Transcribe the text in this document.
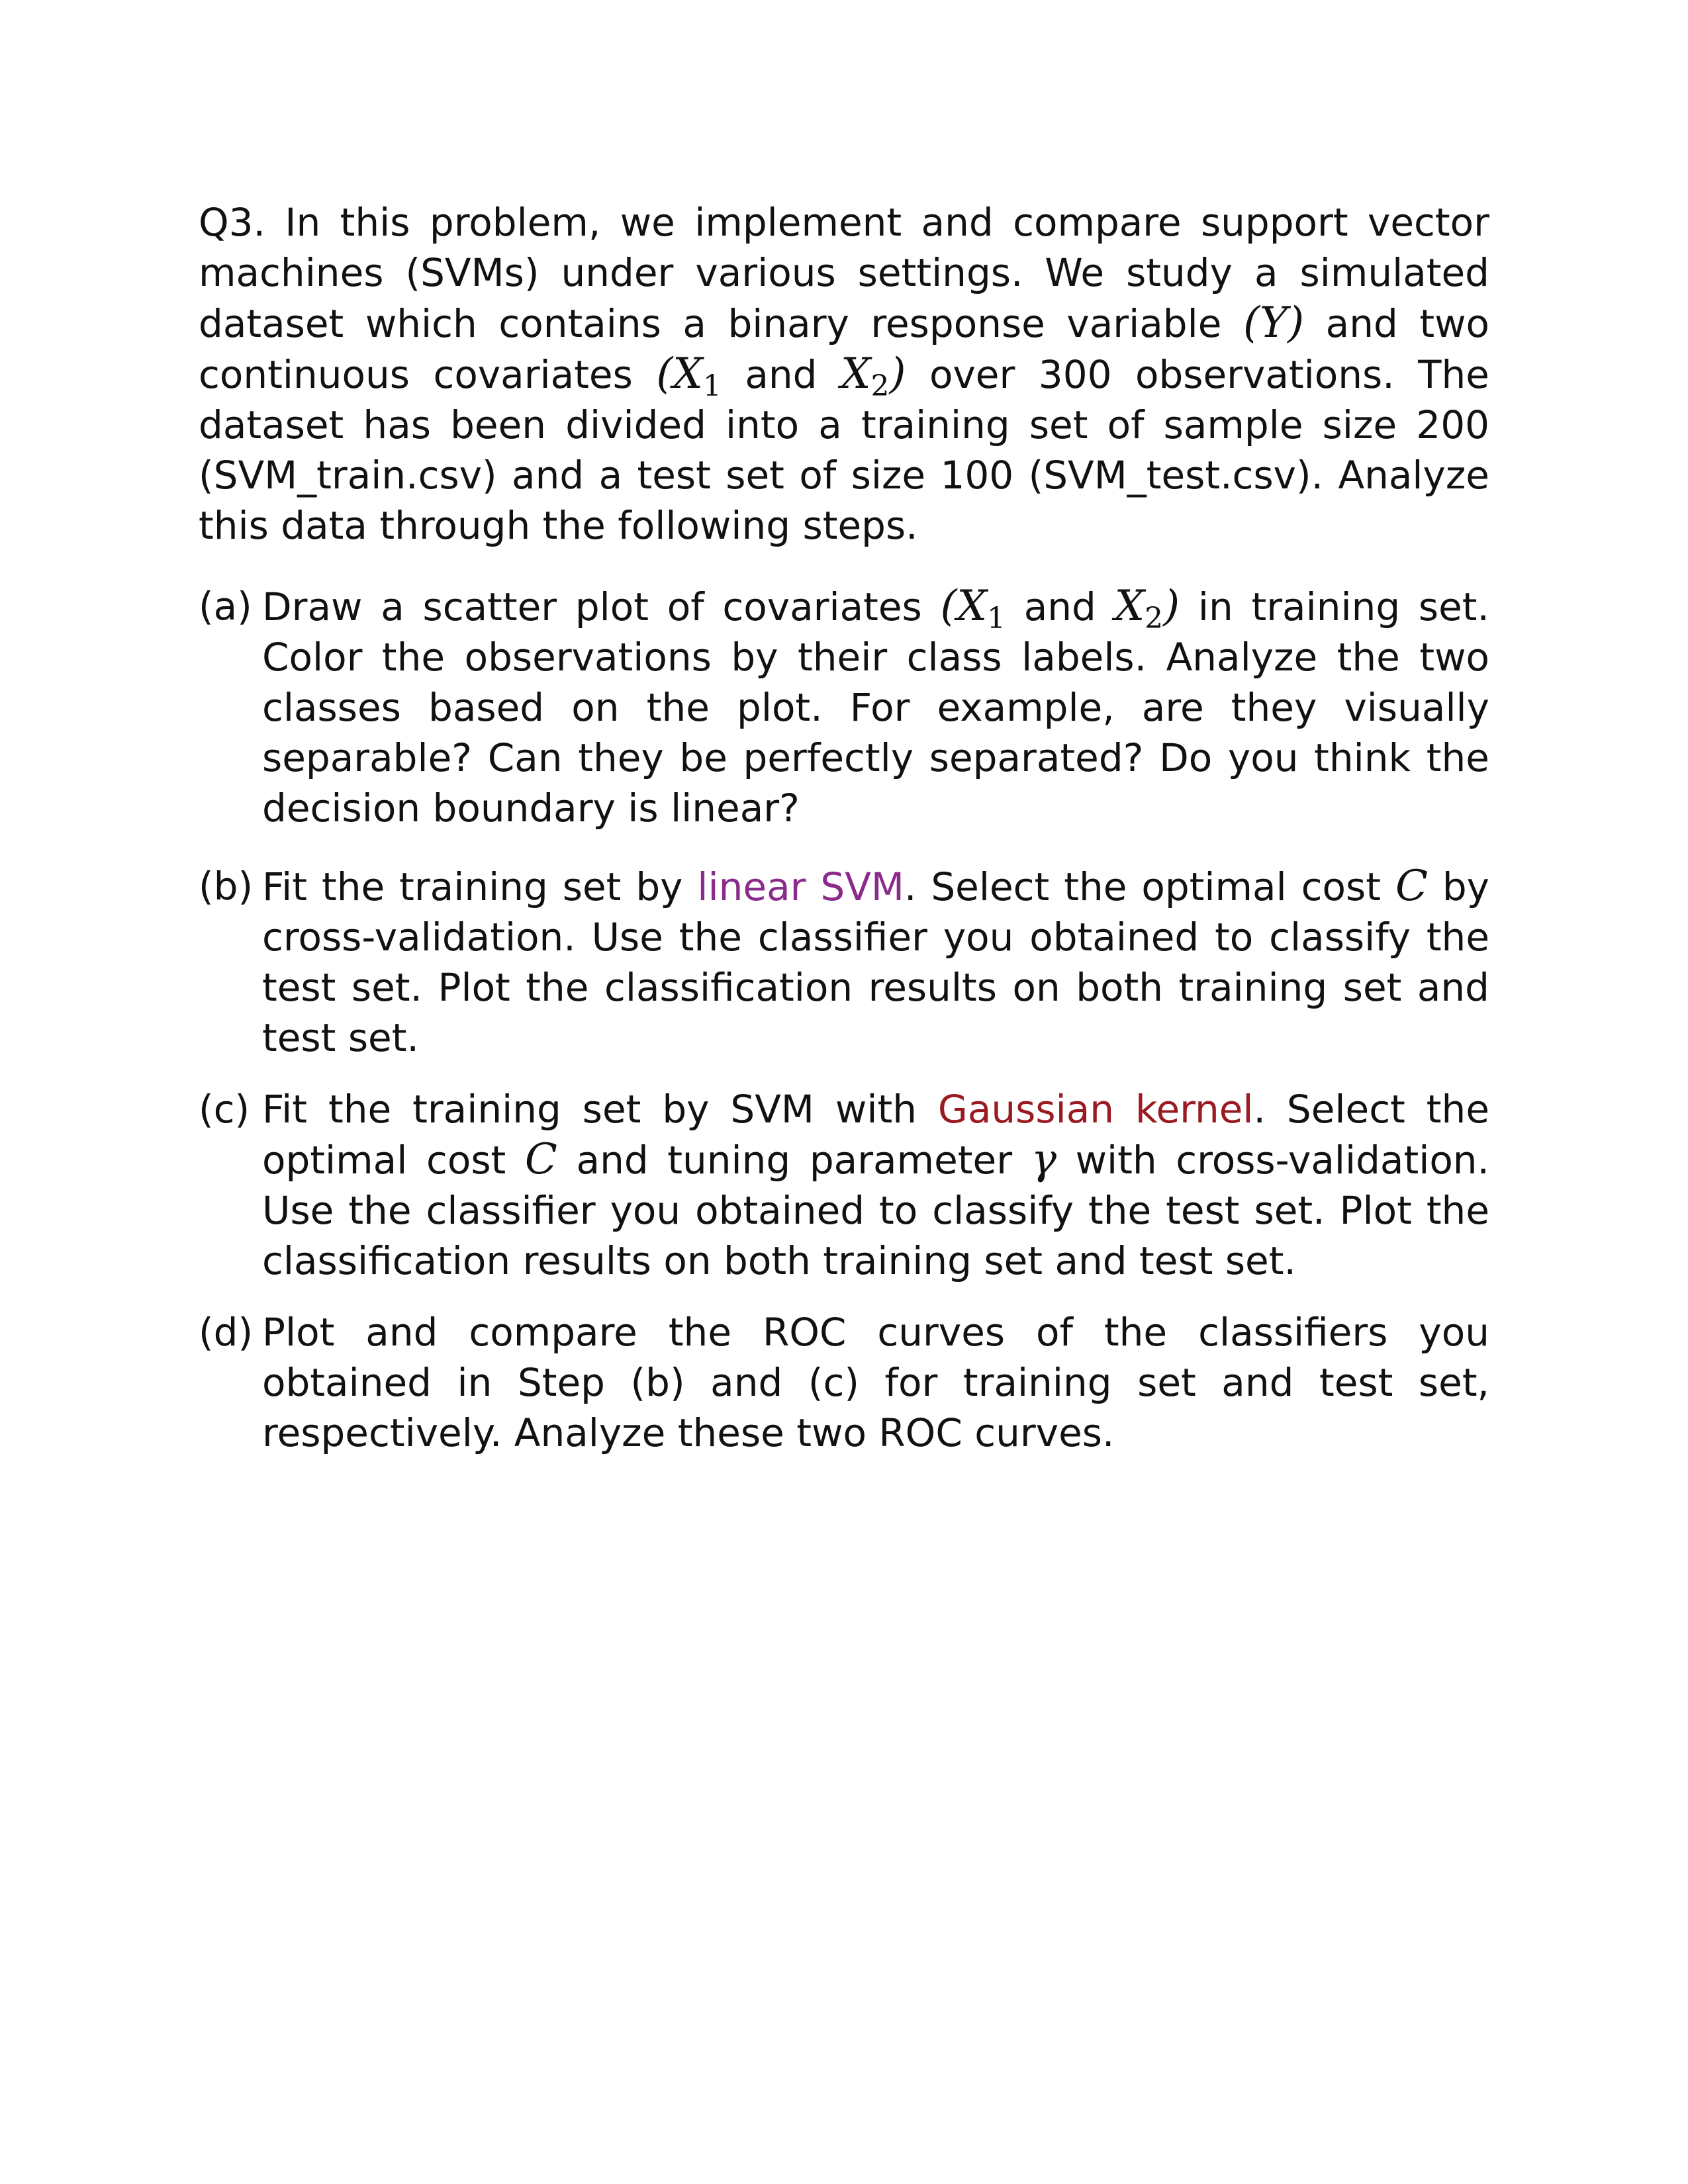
Q3. In this problem, we implement and compare support vector machines (SVMs) under various settings. We study a simulated dataset which contains a binary response variable (Y) and two continuous covariates ($X_1$ and $X_2$) over 300 observations. The dataset has been divided into a training set of sample size 200 (SVM_train.csv) and a test set of size 100 (SVM_test.csv). Analyze this data through the following steps.

(a) Draw a scatter plot of covariates ($X_1$ and $X_2$) in training set. Color the observations by their class labels. Analyze the two classes based on the plot. For example, are they visually separable? Can they be perfectly separated? Do you think the decision boundary is linear?
(b) Fit the training set by linear SVM. Select the optimal cost C by cross-validation. Use the classifier you obtained to classify the test set. Plot the classification results on both training set and test set.
(c) Fit the training set by SVM with Gaussian kernel. Select the optimal cost C and tuning parameter γ with cross-validation. Use the classifier you obtained to classify the test set. Plot the classification results on both training set and test set.
(d) Plot and compare the ROC curves of the classifiers you obtained in Step (b) and (c) for training set and test set, respectively. Analyze these two ROC curves.
